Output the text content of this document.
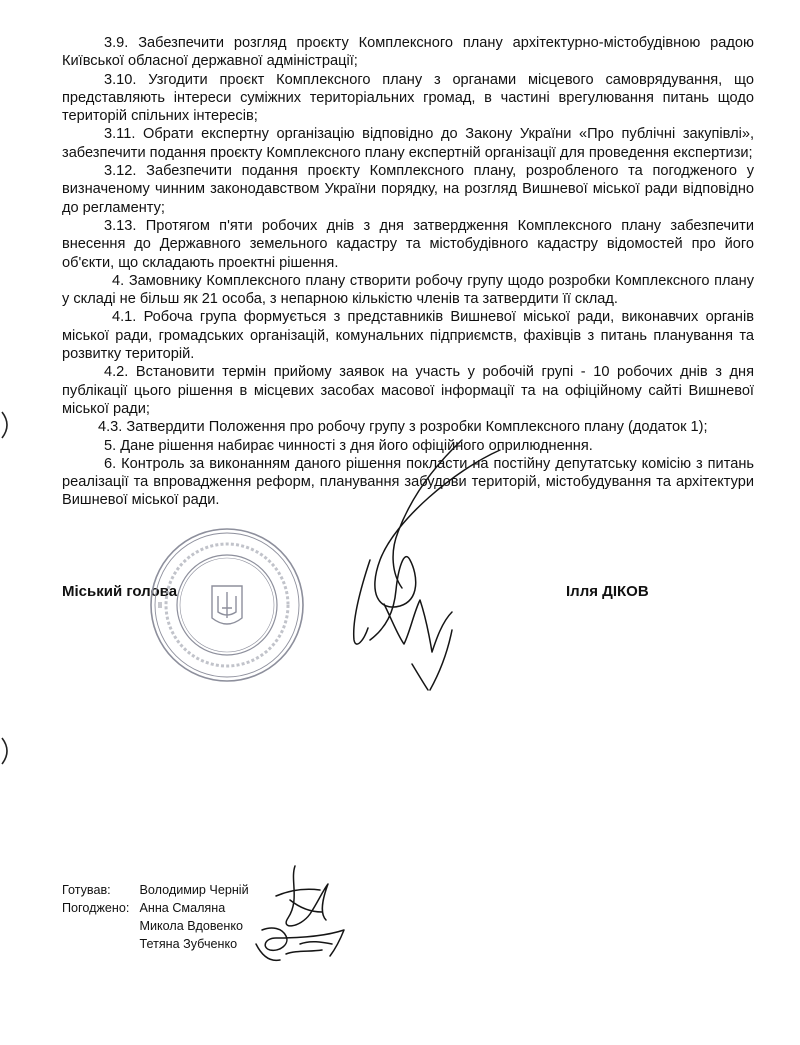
3.9. Забезпечити розгляд проєкту Комплексного плану архітектурно-містобудівною радою Київської обласної державної адміністрації;

3.10. Узгодити проєкт Комплексного плану з органами місцевого самоврядування, що представляють інтереси суміжних територіальних громад, в частині врегулювання питань щодо територій спільних інтересів;

3.11. Обрати експертну організацію відповідно до Закону України «Про публічні закупівлі», забезпечити подання проєкту Комплексного плану експертній організації для проведення експертизи;

3.12. Забезпечити подання проєкту Комплексного плану, розробленого та погодженого у визначеному чинним законодавством України порядку, на розгляд Вишневої міської ради відповідно до регламенту;

3.13. Протягом п'яти робочих днів з дня затвердження Комплексного плану забезпечити внесення до Державного земельного кадастру та містобудівного кадастру відомостей про його об'єкти, що складають проектні рішення.

4. Замовнику Комплексного плану створити робочу групу щодо розробки Комплексного плану у складі не більш як 21 особа, з непарною кількістю членів та затвердити її склад.

4.1. Робоча група формується з представників Вишневої міської ради, виконавчих органів міської ради, громадських організацій, комунальних підприємств, фахівців з питань планування та розвитку територій.

4.2. Встановити термін прийому заявок на участь у робочій групі - 10 робочих днів з дня публікації цього рішення в місцевих засобах масової інформації та на офіційному сайті Вишневої міської ради;

4.3. Затвердити Положення про робочу групу з розробки Комплексного плану (додаток 1);

5. Дане рішення набирає чинності з дня його офіційного оприлюднення.

6. Контроль за виконанням даного рішення покласти на постійну депутатську комісію з питань реалізації та впровадження реформ, планування забудови територій, містобудування та архітектури Вишневої міської ради.

Міський голова	Ілля ДІКОВ
Готував: Володимир Черній
Погоджено: Анна Смаляна
Микола Вдовенко
Тетяна Зубченко
